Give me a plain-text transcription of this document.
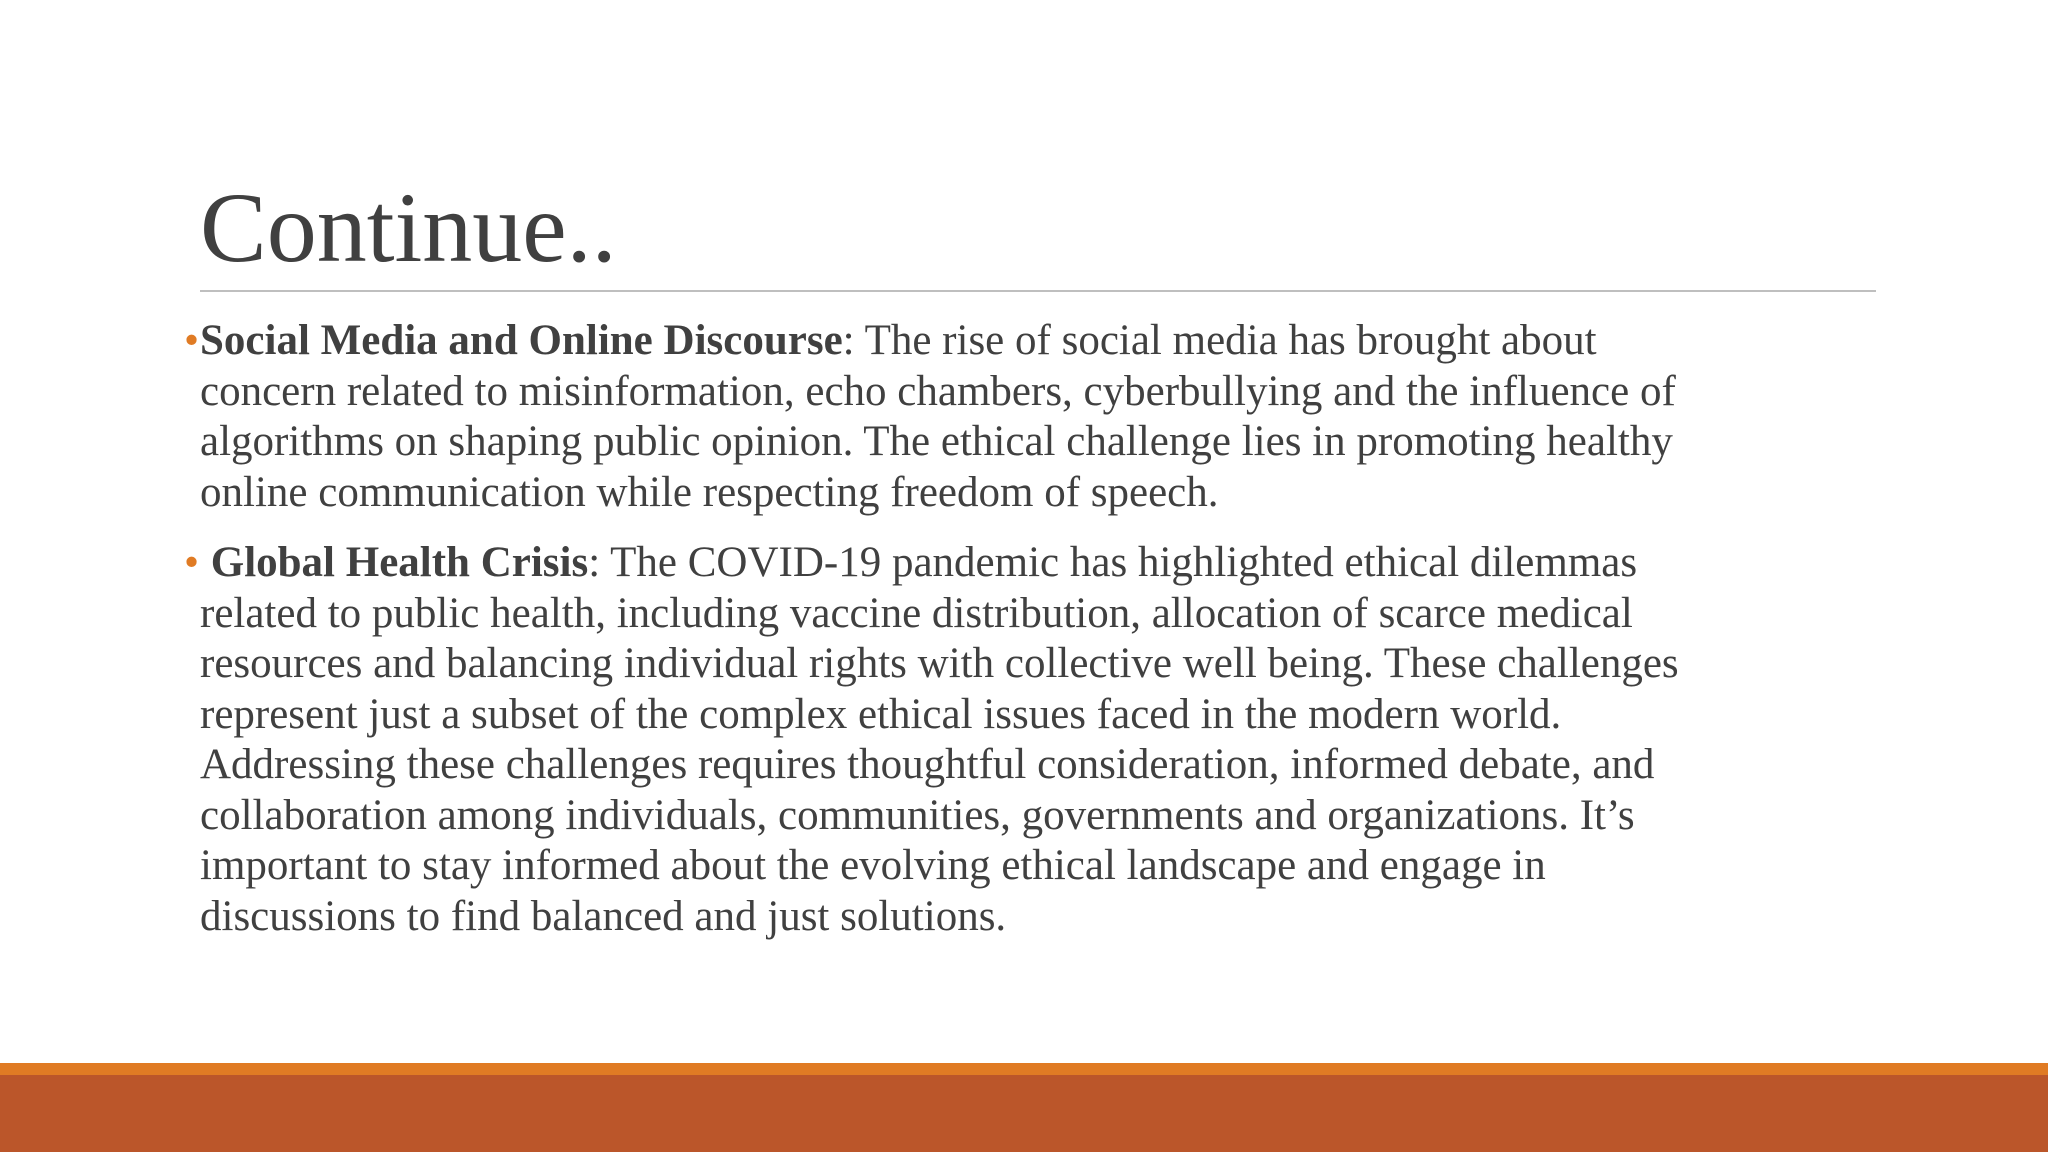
Continue..
• Social Media and Online Discourse: The rise of social media has brought about
concern related to misinformation, echo chambers, cyberbullying and the influence of
algorithms on shaping public opinion. The ethical challenge lies in promoting healthy
online communication while respecting freedom of speech.
• Global Health Crisis: The COVID-19 pandemic has highlighted ethical dilemmas
related to public health, including vaccine distribution, allocation of scarce medical
resources and balancing individual rights with collective well being. These challenges
represent just a subset of the complex ethical issues faced in the modern world.
Addressing these challenges requires thoughtful consideration, informed debate, and
collaboration among individuals, communities, governments and organizations. It’s
important to stay informed about the evolving ethical landscape and engage in
discussions to find balanced and just solutions.
